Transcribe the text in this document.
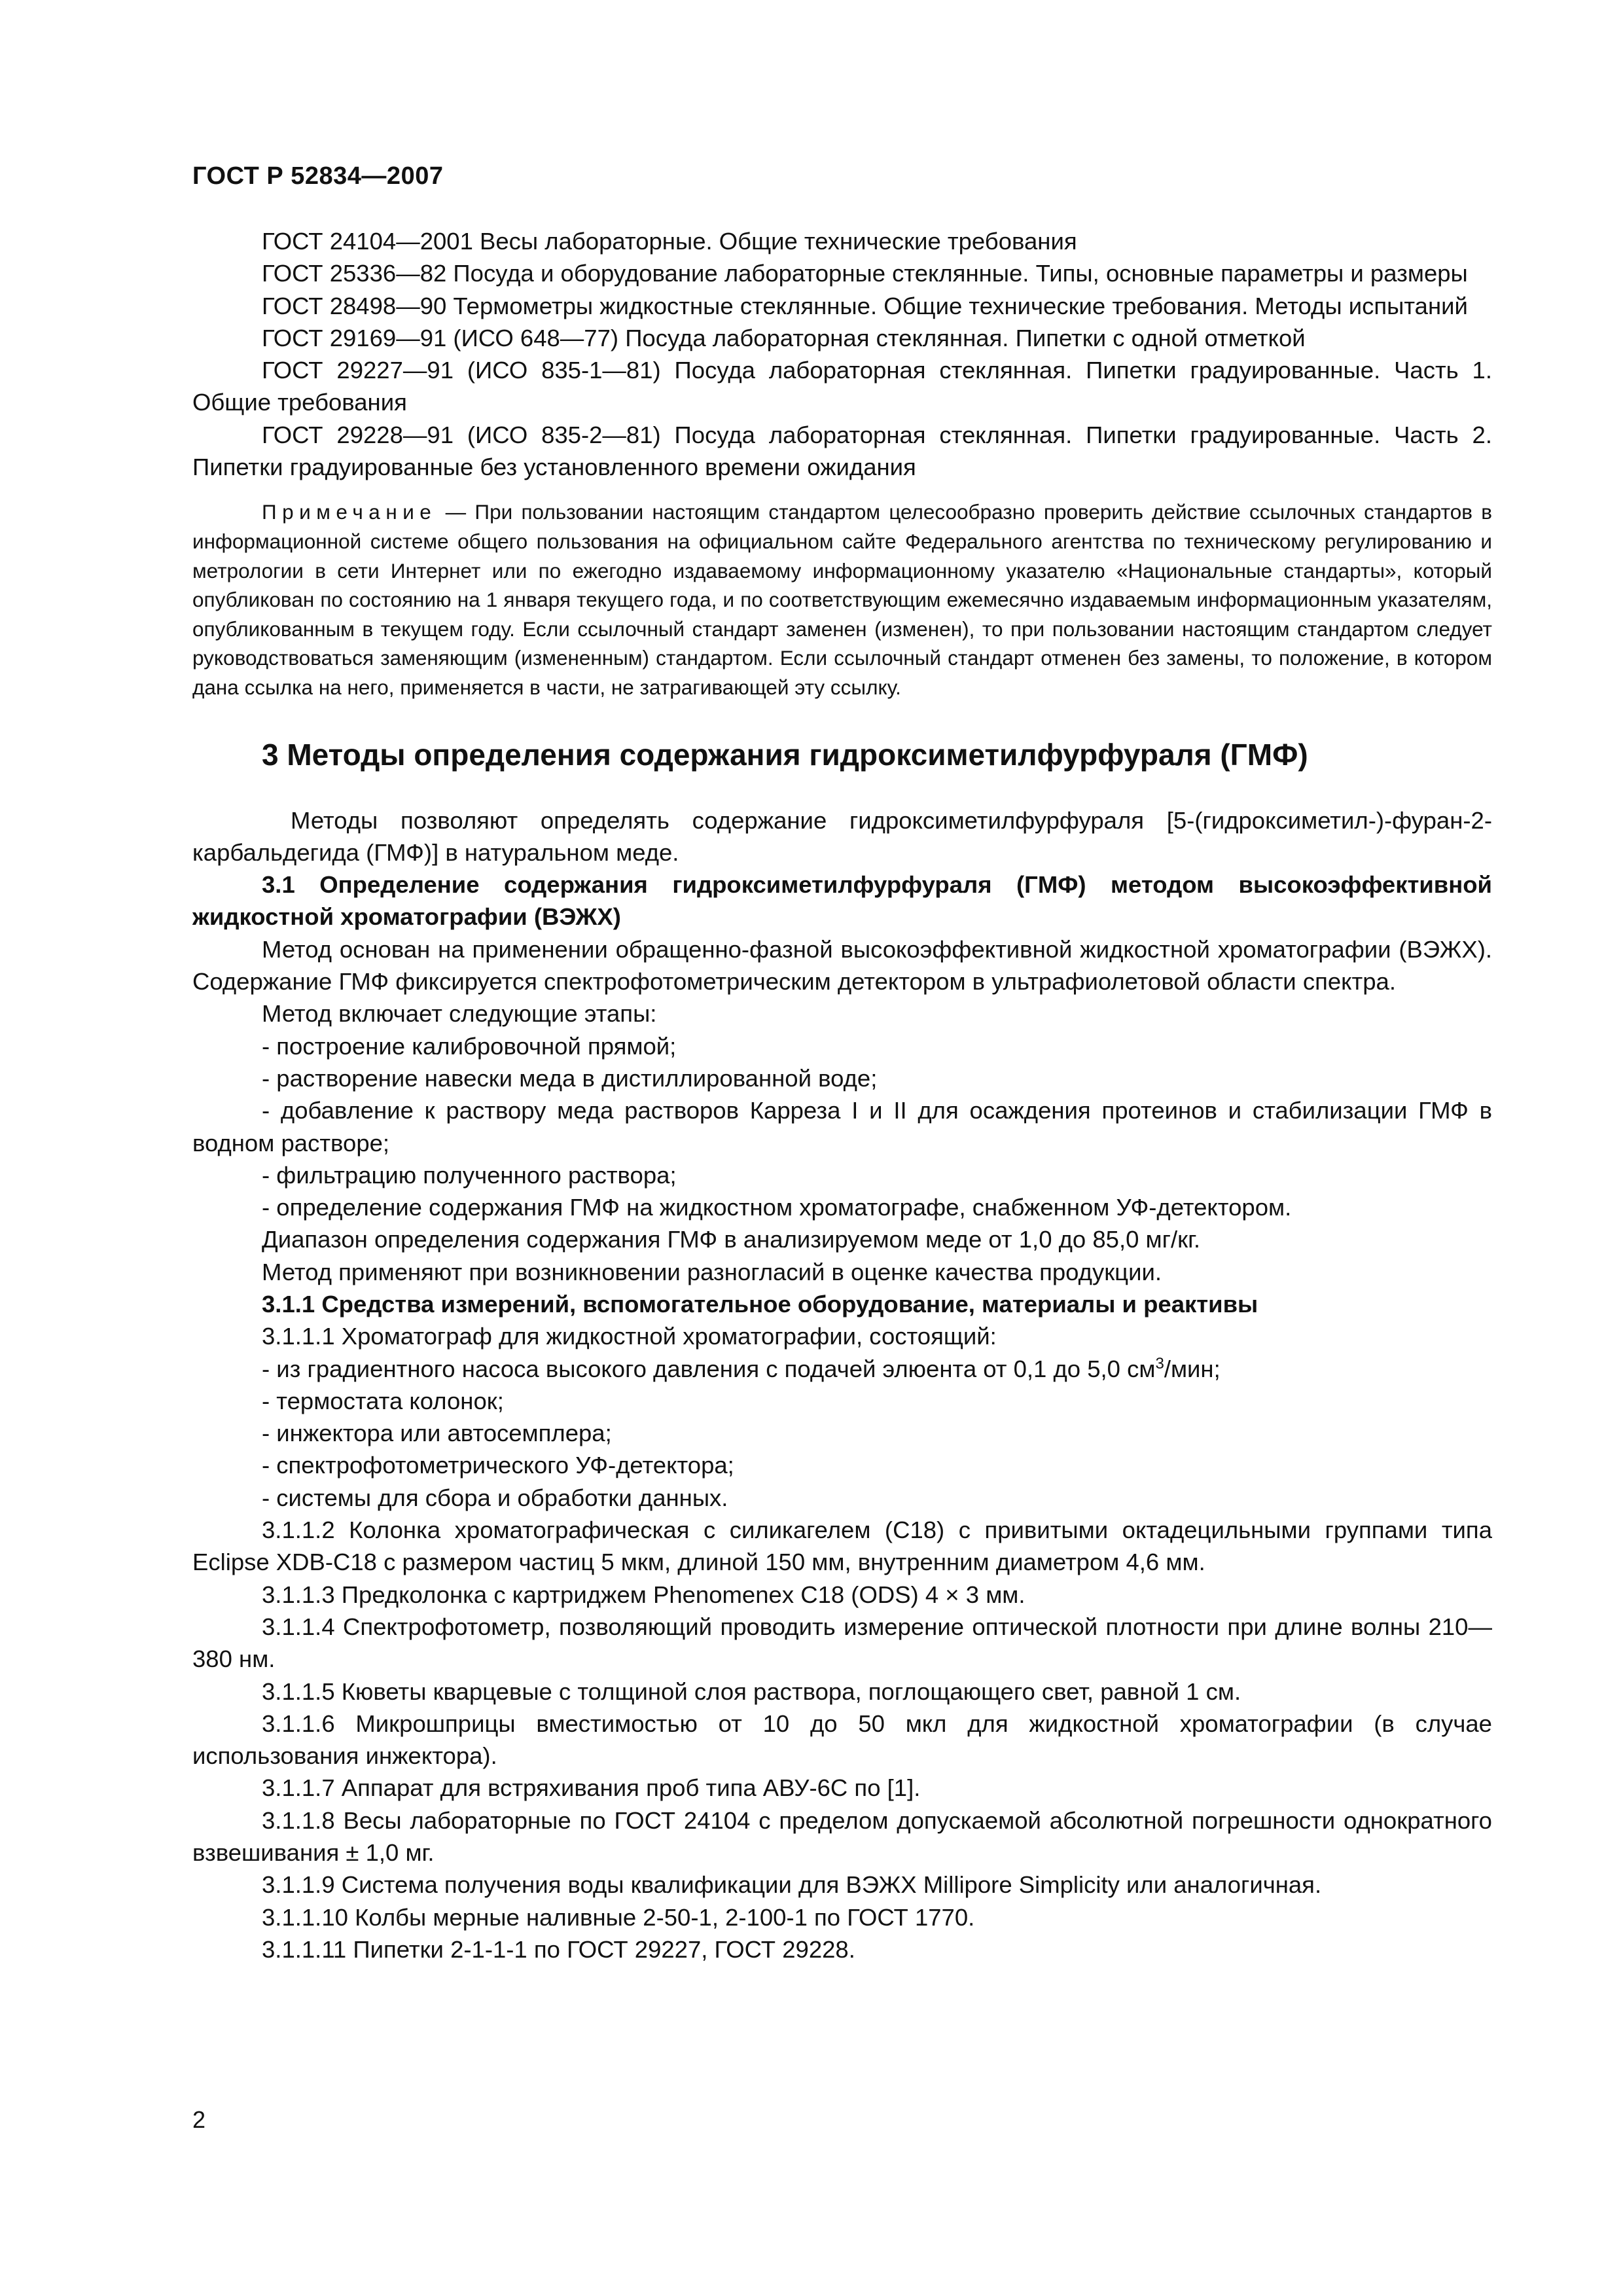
ГОСТ Р 52834—2007

ГОСТ 24104—2001 Весы лабораторные. Общие технические требования

ГОСТ 25336—82 Посуда и оборудование лабораторные стеклянные. Типы, основные параметры и размеры

ГОСТ 28498—90 Термометры жидкостные стеклянные. Общие технические требования. Методы испытаний

ГОСТ 29169—91 (ИСО 648—77) Посуда лабораторная стеклянная. Пипетки с одной отметкой

ГОСТ 29227—91 (ИСО 835-1—81) Посуда лабораторная стеклянная. Пипетки градуированные. Часть 1. Общие требования

ГОСТ 29228—91 (ИСО 835-2—81) Посуда лабораторная стеклянная. Пипетки градуированные. Часть 2. Пипетки градуированные без установленного времени ожидания

Примечание — При пользовании настоящим стандартом целесообразно проверить действие ссылочных стандартов в информационной системе общего пользования на официальном сайте Федерального агентства по техническому регулированию и метрологии в сети Интернет или по ежегодно издаваемому информационному указателю «Национальные стандарты», который опубликован по состоянию на 1 января текущего года, и по соответствующим ежемесячно издаваемым информационным указателям, опубликованным в текущем году. Если ссылочный стандарт заменен (изменен), то при пользовании настоящим стандартом следует руководствоваться заменяющим (измененным) стандартом. Если ссылочный стандарт отменен без замены, то положение, в котором дана ссылка на него, применяется в части, не затрагивающей эту ссылку.

3 Методы определения содержания гидроксиметилфурфураля (ГМФ)

Методы позволяют определять содержание гидроксиметилфурфураля [5-(гидроксиметил-)-фуран-2-карбальдегида (ГМФ)] в натуральном меде.

3.1 Определение содержания гидроксиметилфурфураля (ГМФ) методом высокоэффективной жидкостной хроматографии (ВЭЖХ)

Метод основан на применении обращенно-фазной высокоэффективной жидкостной хроматографии (ВЭЖХ). Содержание ГМФ фиксируется спектрофотометрическим детектором в ультрафиолетовой области спектра.

Метод включает следующие этапы:

- построение калибровочной прямой;

- растворение навески меда в дистиллированной воде;

- добавление к раствору меда растворов Карреза I и II для осаждения протеинов и стабилизации ГМФ в водном растворе;

- фильтрацию полученного раствора;

- определение содержания ГМФ на жидкостном хроматографе, снабженном УФ-детектором.

Диапазон определения содержания ГМФ в анализируемом меде от 1,0 до 85,0 мг/кг.

Метод применяют при возникновении разногласий в оценке качества продукции.

3.1.1 Средства измерений, вспомогательное оборудование, материалы и реактивы

3.1.1.1 Хроматограф для жидкостной хроматографии, состоящий:

- из градиентного насоса высокого давления с подачей элюента от 0,1 до 5,0 $см^3$/мин;

- термостата колонок;

- инжектора или автосемплера;

- спектрофотометрического УФ-детектора;

- системы для сбора и обработки данных.

3.1.1.2 Колонка хроматографическая с силикагелем (С18) с привитыми октадецильными группами типа Eclipse XDB-C18 с размером частиц 5 мкм, длиной 150 мм, внутренним диаметром 4,6 мм.

3.1.1.3 Предколонка с картриджем Phenomenex C18 (ODS) 4 × 3 мм.

3.1.1.4 Спектрофотометр, позволяющий проводить измерение оптической плотности при длине волны 210—380 нм.

3.1.1.5 Кюветы кварцевые с толщиной слоя раствора, поглощающего свет, равной 1 см.

3.1.1.6 Микрошприцы вместимостью от 10 до 50 мкл для жидкостной хроматографии (в случае использования инжектора).

3.1.1.7 Аппарат для встряхивания проб типа АВУ-6С по [1].

3.1.1.8 Весы лабораторные по ГОСТ 24104 с пределом допускаемой абсолютной погрешности однократного взвешивания ± 1,0 мг.

3.1.1.9 Система получения воды квалификации для ВЭЖХ Millipore Simplicity или аналогичная.

3.1.1.10 Колбы мерные наливные 2-50-1, 2-100-1 по ГОСТ 1770.

3.1.1.11 Пипетки 2-1-1-1 по ГОСТ 29227, ГОСТ 29228.

2
